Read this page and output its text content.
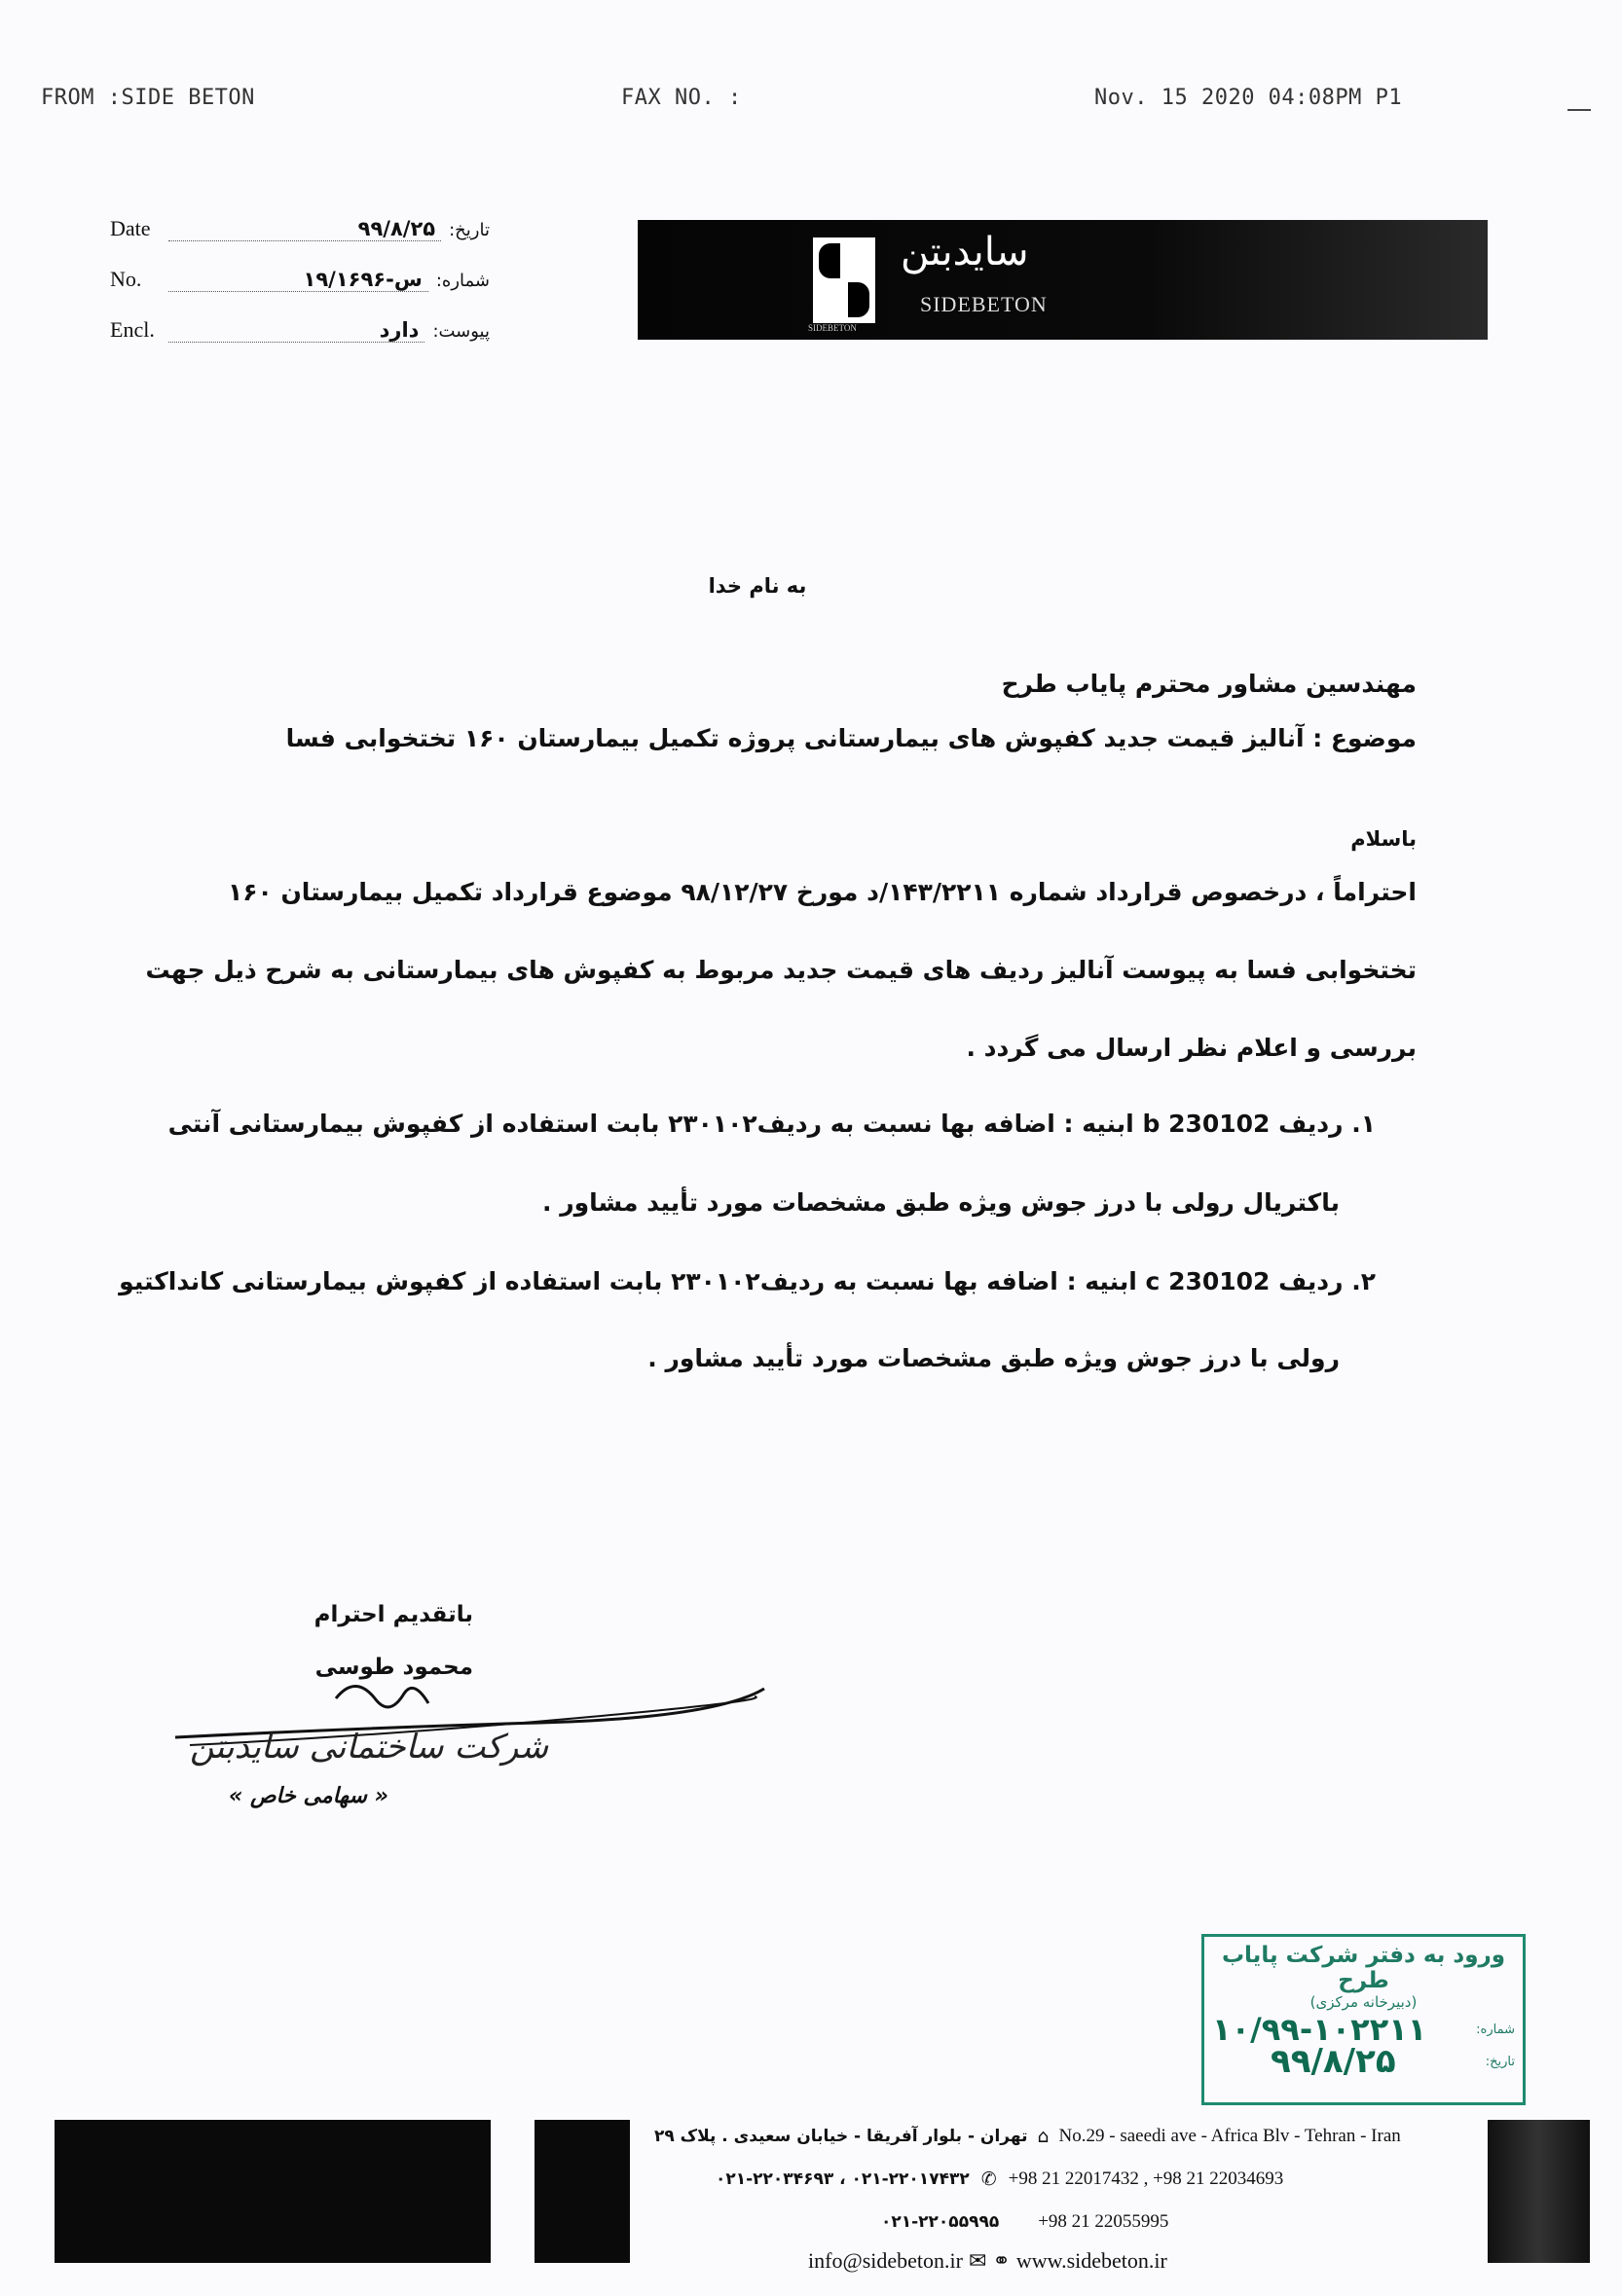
FROM :SIDE BETON	FAX NO. :	Nov. 15 2020 04:08PM P1
Date	۹۹/۸/۲۵ تاریخ:
No.	۱۹/۱۶۹۶-س شماره:
Encl.	دارد پیوست:	SIDEBETON
سایدبتن
SIDEBETON
به نام خدا
مهندسین مشاور محترم پایاب طرح
موضوع : آنالیز قیمت جدید کفپوش های بیمارستانی پروژه تکمیل بیمارستان ۱۶۰ تختخوابی فسا
باسلام
احتراماً ، درخصوص قرارداد شماره ۱۴۳/۲۲۱۱/د مورخ ۹۸/۱۲/۲۷ موضوع قرارداد تکمیل بیمارستان ۱۶۰
تختخوابی فسا به پیوست آنالیز ردیف های قیمت جدید مربوط به کفپوش های بیمارستانی به شرح ذیل جهت
بررسی و اعلام نظر ارسال می گردد .
۱. ردیف 230102 b ابنیه : اضافه بها نسبت به ردیف۲۳۰۱۰۲ بابت استفاده از کفپوش بیمارستانی آنتی
باکتریال رولی با درز جوش ویژه طبق مشخصات مورد تأیید مشاور .
۲. ردیف 230102 c ابنیه : اضافه بها نسبت به ردیف۲۳۰۱۰۲ بابت استفاده از کفپوش بیمارستانی کانداکتیو
رولی با درز جوش ویژه طبق مشخصات مورد تأیید مشاور .
باتقدیم احترام
محمود طوسی
شرکت ساختمانی سایدبتن
« سهامی خاص »
ورود به دفتر شرکت پایاب طرح
(دبیرخانه مرکزی)
شماره:
۱۰/۹۹-۱۰۲۲۱۱
تاریخ:
۹۹/۸/۲۵
تهران - بلوار آفریقا - خیابان سعیدی . پلاک ۲۹ ⌂ No.29 - saeedi ave - Africa Blv - Tehran - Iran
۰۲۱-۲۲۰۱۷۴۳۲ ، ۰۲۱-۲۲۰۳۴۶۹۳ ✆ +98 21 22017432 , +98 21 22034693
۰۲۱-۲۲۰۵۵۹۹۵ +98 21 22055995
info@sidebeton.ir ✉ ⚭ www.sidebeton.ir
